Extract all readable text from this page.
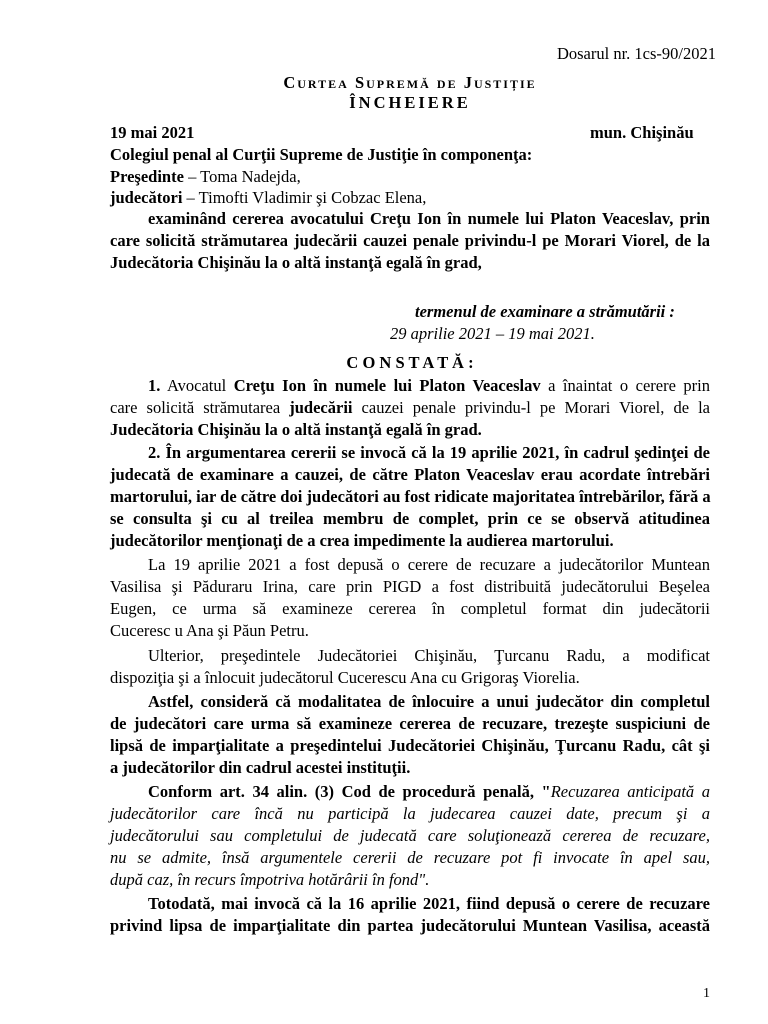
Dosarul nr. 1cs-90/2021
Curtea Supremă de Justiție
ÎNCHEIERE
19 mai 2021	mun. Chişinău
Colegiul penal al Curţii Supreme de Justiţie în componenţa:
Preşedinte – Toma Nadejda,
judecători – Timofti Vladimir şi Cobzac Elena,
examinând cererea avocatului Creţu Ion în numele lui Platon Veaceslav, prin
care solicită strămutarea judecării cauzei penale privindu-l pe Morari Viorel, de la
Judecătoria Chişinău la o altă instanţă egală în grad,
termenul de examinare a strămutării :
29 aprilie 2021 – 19 mai 2021.
C O N S T A T Ă :
1. Avocatul Creţu Ion în numele lui Platon Veaceslav a înaintat o cerere prin
care solicită strămutarea judecării cauzei penale privindu-l pe Morari Viorel, de la
Judecătoria Chişinău la o altă instanţă egală în grad.
2. În argumentarea cererii se invocă că la 19 aprilie 2021, în cadrul şedinţei de
judecată de examinare a cauzei, de către Platon Veaceslav erau acordate întrebări
martorului, iar de către doi judecători au fost ridicate majoritatea întrebărilor, fără a
se consulta şi cu al treilea membru de complet, prin ce se observă atitudinea
judecătorilor menţionaţi de a crea impedimente la audierea martorului.
La 19 aprilie 2021 a fost depusă o cerere de recuzare a judecătorilor Muntean
Vasilisa şi Păduraru Irina, care prin PIGD a fost distribuită judecătorului Beşelea
Eugen, ce urma să examineze cererea în completul format din judecătorii
Cuceresc u Ana şi Păun Petru.
Ulterior, preşedintele Judecătoriei Chişinău, Ţurcanu Radu, a modificat
dispoziţia şi a înlocuit judecătorul Cucerescu Ana cu Grigoraş Viorelia.
Astfel, consideră că modalitatea de înlocuire a unui judecător din completul
de judecători care urma să examineze cererea de recuzare, trezeşte suspiciuni de
lipsă de imparţialitate a preşedintelui Judecătoriei Chişinău, Ţurcanu Radu, cât şi
a judecătorilor din cadrul acestei instituţii.
Conform art. 34 alin. (3) Cod de procedură penală, "Recuzarea anticipată a
judecătorilor care încă nu participă la judecarea cauzei date, precum şi a
judecătorului sau completului de judecată care soluţionează cererea de recuzare,
nu se admite, însă argumentele cererii de recuzare pot fi invocate în apel sau,
după caz, în recurs împotriva hotărârii în fond".
Totodată, mai invocă că la 16 aprilie 2021, fiind depusă o cerere de recuzare
privind lipsa de imparţialitate din partea judecătorului Muntean Vasilisa, această
1
